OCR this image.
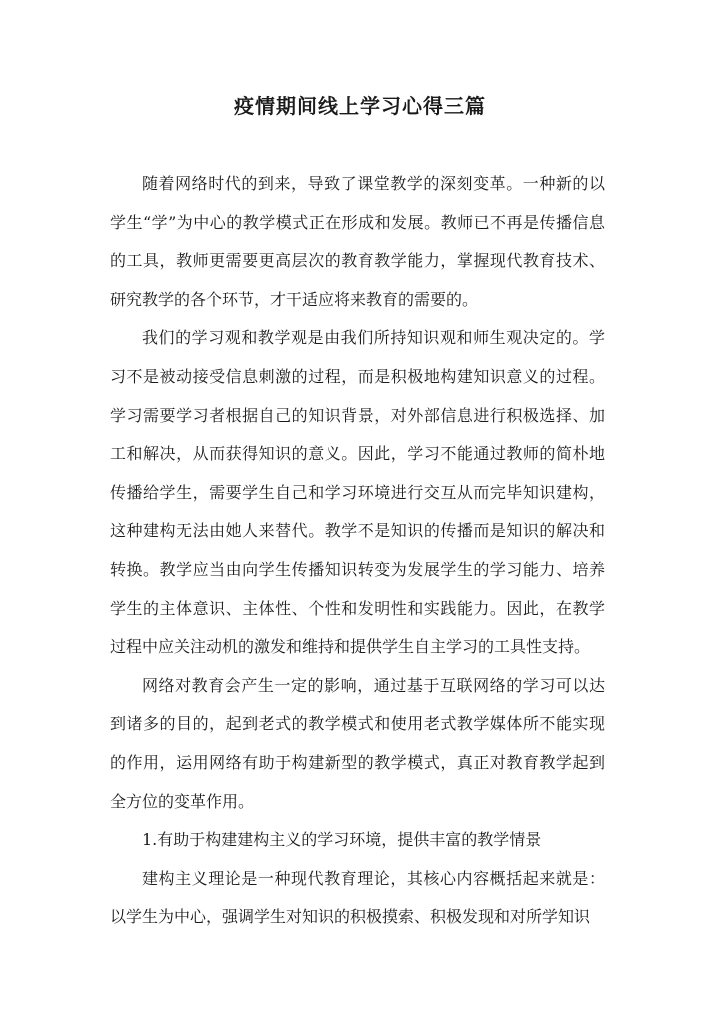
疫情期间线上学习心得三篇

随着网络时代的到来，导致了课堂教学的深刻变革。一种新的以学生“学”为中心的教学模式正在形成和发展。教师已不再是传播信息的工具，教师更需要更高层次的教育教学能力，掌握现代教育技术、研究教学的各个环节，才干适应将来教育的需要的。

我们的学习观和教学观是由我们所持知识观和师生观决定的。学习不是被动接受信息刺激的过程，而是积极地构建知识意义的过程。学习需要学习者根据自己的知识背景，对外部信息进行积极选择、加工和解决，从而获得知识的意义。因此，学习不能通过教师的简朴地传播给学生，需要学生自己和学习环境进行交互从而完毕知识建构，这种建构无法由她人来替代。教学不是知识的传播而是知识的解决和转换。教学应当由向学生传播知识转变为发展学生的学习能力、培养学生的主体意识、主体性、个性和发明性和实践能力。因此，在教学过程中应关注动机的激发和维持和提供学生自主学习的工具性支持。

网络对教育会产生一定的影响，通过基于互联网络的学习可以达到诸多的目的，起到老式的教学模式和使用老式教学媒体所不能实现的作用，运用网络有助于构建新型的教学模式，真正对教育教学起到全方位的变革作用。

1.有助于构建建构主义的学习环境，提供丰富的教学情景

建构主义理论是一种现代教育理论，其核心内容概括起来就是：以学生为中心，强调学生对知识的积极摸索、积极发现和对所学知识
